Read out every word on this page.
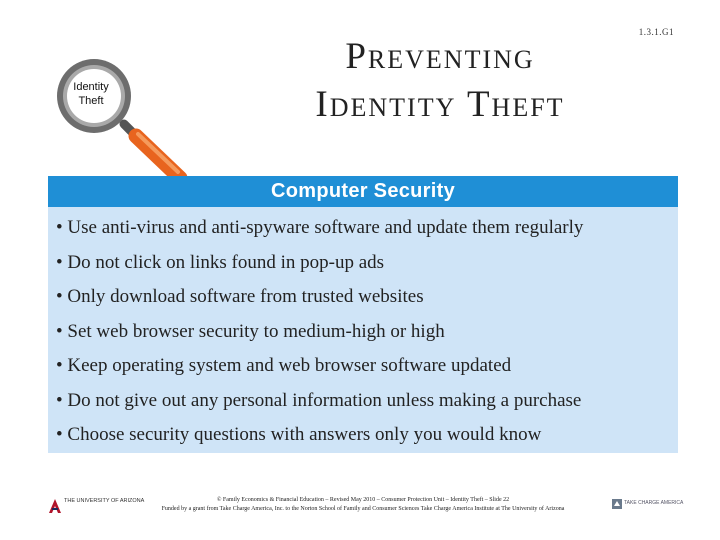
1.3.1.G1
Preventing
Identity Theft
Identity
Theft
Computer Security
• Use anti-virus and anti-spyware software and update them regularly
• Do not click on links found in pop-up ads
• Only download software from trusted websites
• Set web browser security to medium-high or high
• Keep operating system and web browser software updated
• Do not give out any personal information unless making a purchase
• Choose security questions with answers only you would know
THE UNIVERSITY OF ARIZONA	© Family Economics & Financial Education – Revised May 2010 – Consumer Protection Unit – Identity Theft – Slide 22
Funded by a grant from Take Charge America, Inc. to the Norton School of Family and Consumer Sciences Take Charge America Institute at The University of Arizona
TAKE CHARGE AMERICA
